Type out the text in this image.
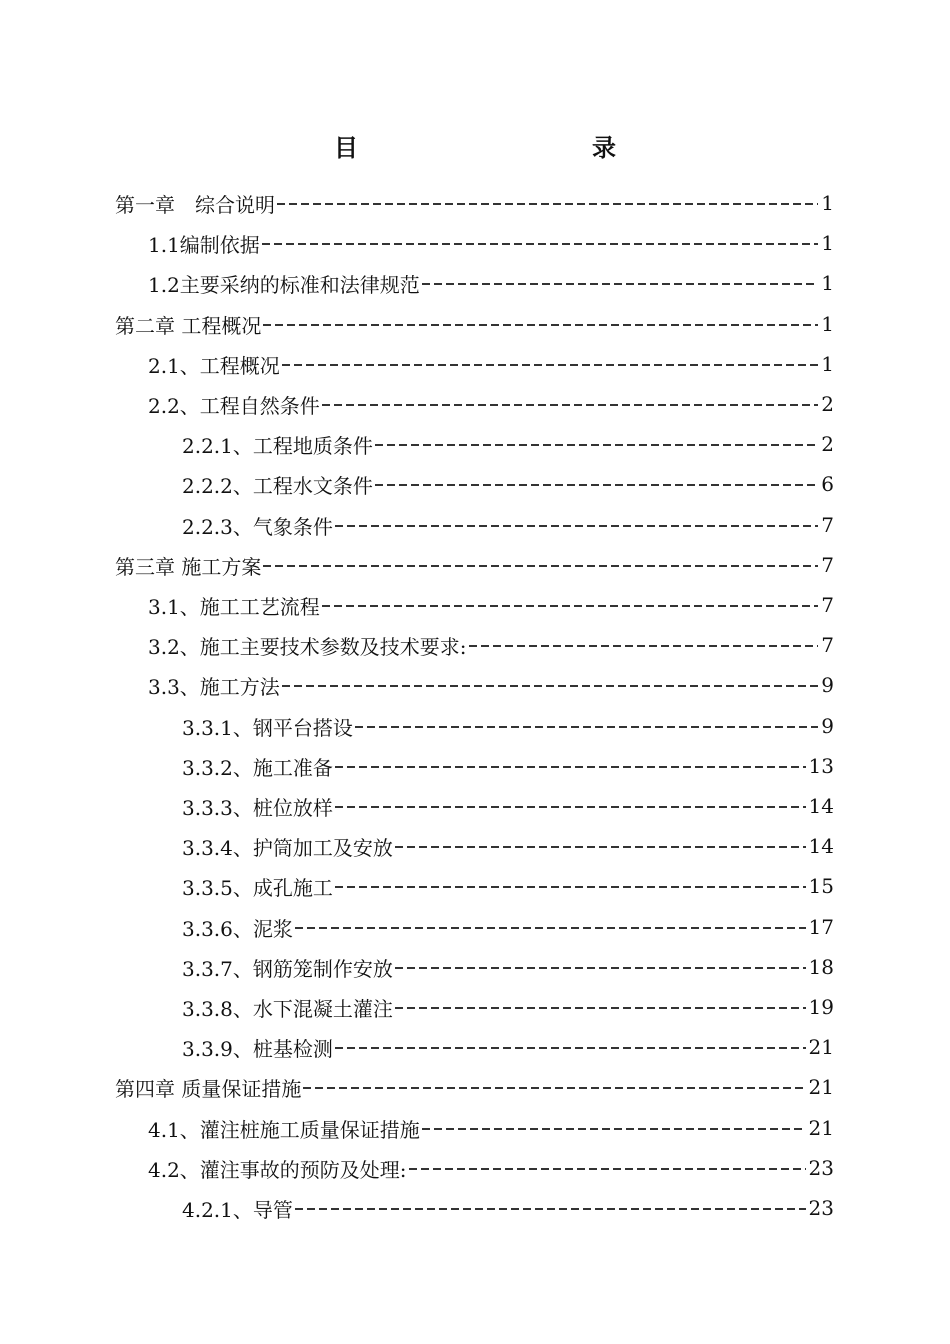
目　　录
第一章　综合说明	1
1.1编制依据	1
1.2主要采纳的标准和法律规范	1
第二章 工程概况	1
2.1、工程概况	1
2.2、工程自然条件	2
2.2.1、工程地质条件	2
2.2.2、工程水文条件	6
2.2.3、气象条件	7
第三章 施工方案	7
3.1、施工工艺流程	7
3.2、施工主要技术参数及技术要求:	7
3.3、施工方法	9
3.3.1、钢平台搭设	9
3.3.2、施工准备	13
3.3.3、桩位放样	14
3.3.4、护筒加工及安放	14
3.3.5、成孔施工	15
3.3.6、泥浆	17
3.3.7、钢筋笼制作安放	18
3.3.8、水下混凝土灌注	19
3.3.9、桩基检测	21
第四章 质量保证措施	21
4.1、灌注桩施工质量保证措施	21
4.2、灌注事故的预防及处理:	23
4.2.1、导管	23
